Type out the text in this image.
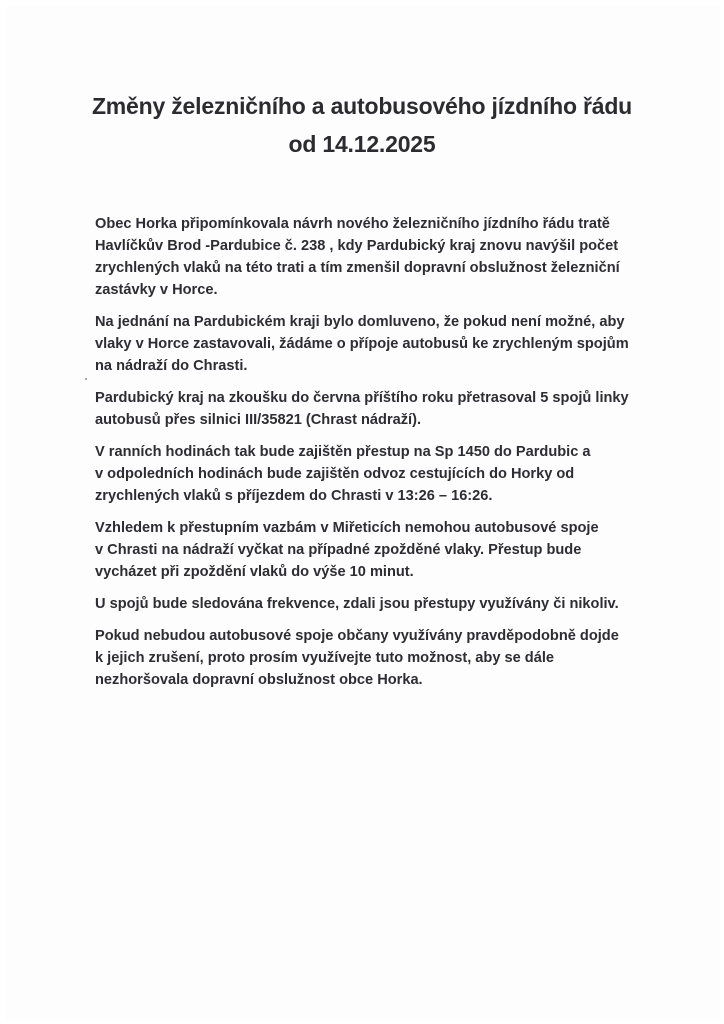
Změny železničního a autobusového jízdního řádu
od 14.12.2025

Obec Horka připomínkovala návrh nového železničního jízdního řádu tratě
Havlíčkův Brod -Pardubice č. 238 , kdy Pardubický kraj znovu navýšil počet
zrychlených vlaků na této trati a tím zmenšil dopravní obslužnost železniční
zastávky v Horce.

Na jednání na Pardubickém kraji bylo domluveno, že pokud není možné, aby
vlaky v Horce zastavovali, žádáme o přípoje autobusů ke zrychleným spojům
na nádraží do Chrasti.

Pardubický kraj na zkoušku do června příštího roku přetrasoval 5 spojů linky
autobusů přes silnici III/35821 (Chrast nádraží).

V ranních hodinách tak bude zajištěn přestup na Sp 1450 do Pardubic a
v odpoledních hodinách bude zajištěn odvoz cestujících do Horky od
zrychlených vlaků s příjezdem do Chrasti v 13:26 – 16:26.

Vzhledem k přestupním vazbám v Miřeticích nemohou autobusové spoje
v Chrasti na nádraží vyčkat na případné zpožděné vlaky. Přestup bude
vycházet při zpoždění vlaků do výše 10 minut.

U spojů bude sledována frekvence, zdali jsou přestupy využívány či nikoliv.

Pokud nebudou autobusové spoje občany využívány pravděpodobně dojde
k jejich zrušení, proto prosím využívejte tuto možnost, aby se dále
nezhoršovala dopravní obslužnost obce Horka.
